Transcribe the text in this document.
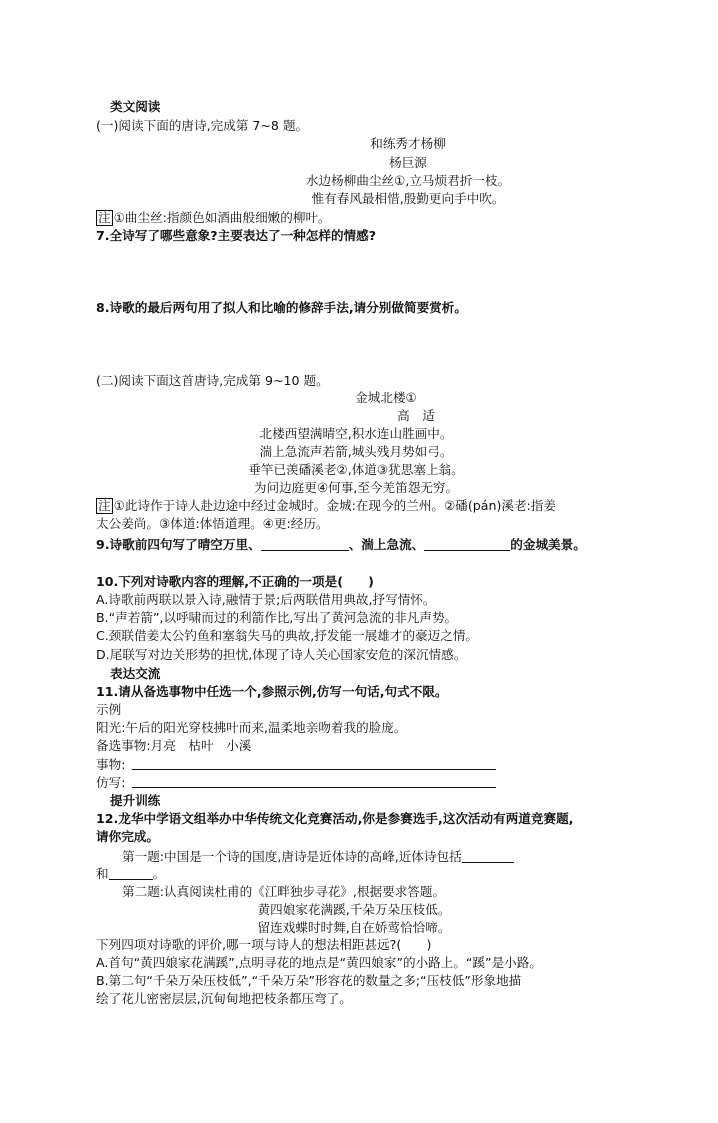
类文阅读
(一)阅读下面的唐诗,完成第 7~8 题。
和练秀才杨柳
杨巨源
水边杨柳曲尘丝①,立马烦君折一枝。
惟有春风最相惜,殷勤更向手中吹。
注 ①曲尘丝:指颜色如酒曲般细嫩的柳叶。
7.全诗写了哪些意象?主要表达了一种怎样的情感?
8.诗歌的最后两句用了拟人和比喻的修辞手法,请分别做简要赏析。
(二)阅读下面这首唐诗,完成第 9~10 题。
金城北楼①
高　适
北楼西望满晴空,积水连山胜画中。
湍上急流声若箭,城头残月势如弓。
垂竿已羡磻溪老②,体道③犹思塞上翁。
为问边庭更④何事,至今羌笛怨无穷。
注 ①此诗作于诗人赴边途中经过金城时。金城:在现今的兰州。②磻(pán)溪老:指姜
太公姜尚。③体道:体悟道理。④更:经历。
9.诗歌前四句写了晴空万里、	、湍上急流、	的金城美景。
10.下列对诗歌内容的理解,不正确的一项是(　　)
A.诗歌前两联以景入诗,融情于景;后两联借用典故,抒写情怀。
B.“声若箭”,以呼啸而过的利箭作比,写出了黄河急流的非凡声势。
C.颈联借姜太公钓鱼和塞翁失马的典故,抒发能一展雄才的豪迈之情。
D.尾联写对边关形势的担忧,体现了诗人关心国家安危的深沉情感。
表达交流
11.请从备选事物中任选一个,参照示例,仿写一句话,句式不限。
示例
阳光:午后的阳光穿枝拂叶而来,温柔地亲吻着我的脸庞。
备选事物:月亮　枯叶　小溪
事物:
仿写:
提升训练
12.龙华中学语文组举办中华传统文化竞赛活动,你是参赛选手,这次活动有两道竞赛题,
请你完成。
第一题:中国是一个诗的国度,唐诗是近体诗的高峰,近体诗包括
和	。
第二题:认真阅读杜甫的《江畔独步寻花》,根据要求答题。
黄四娘家花满蹊,千朵万朵压枝低。
留连戏蝶时时舞,自在娇莺恰恰啼。
下列四项对诗歌的评价,哪一项与诗人的想法相距甚远?(　　)
A.首句“黄四娘家花满蹊”,点明寻花的地点是“黄四娘家”的小路上。“蹊”是小路。
B.第二句“千朵万朵压枝低”,“千朵万朵”形容花的数量之多;“压枝低”形象地描
绘了花儿密密层层,沉甸甸地把枝条都压弯了。
